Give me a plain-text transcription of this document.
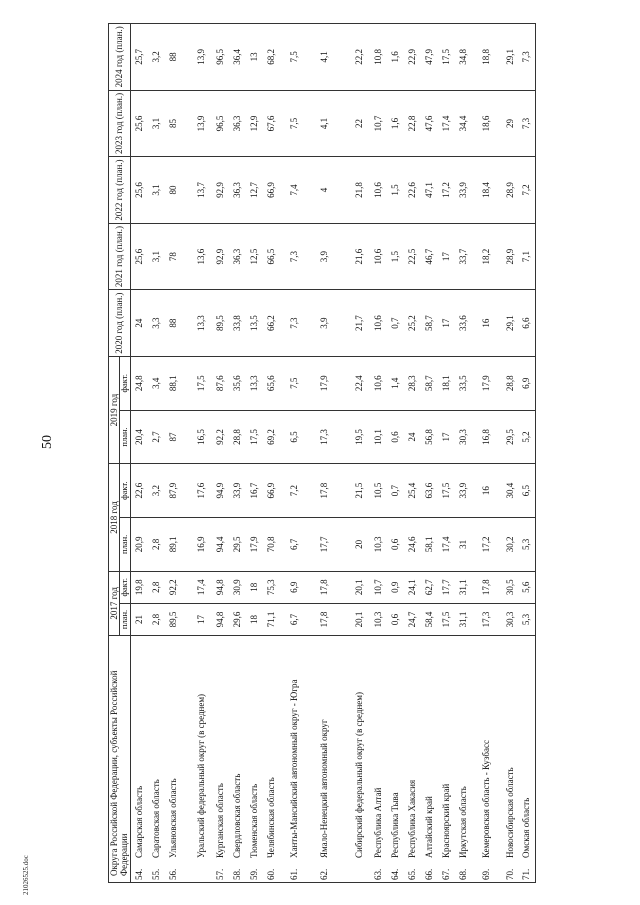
50
21026525.doc	Округа Российской Федерации, субъекты Российской Федерации	2017 год		2018 год		2019 год		2020 год (план.)	2021 год (план.)	2022 год (план.)	2023 год (план.)	2024 год (план.)
	план.	факт.	план.	факт.	план.	факт.					
54.Самарская область	21	19,8	20,9	22,6	20,4	24,8	24	25,6	25,6	25,6	25,7
55.Саратовская область	2,8	2,8	2,8	3,2	2,7	3,4	3,3	3,1	3,1	3,1	3,2
56.Ульяновская область	89,5	92,2	89,1	87,9	87	88,1	88	78	80	85	88
Уральский федеральный округ (в среднем)	17	17,4	16,9	17,6	16,5	17,5	13,3	13,6	13,7	13,9	13,9
57.Курганская область	94,8	94,8	94,4	94,9	92,2	87,6	89,5	92,9	92,9	96,5	96,5
58.Свердловская область	29,6	30,9	29,5	33,9	28,8	35,6	33,8	36,3	36,3	36,3	36,4
59.Тюменская область	18	18	17,9	16,7	17,5	13,3	13,5	12,5	12,7	12,9	13
60.Челябинская область	71,1	75,3	70,8	66,9	69,2	65,6	66,2	66,5	66,9	67,6	68,2
61.Ханты-Мансийский автономный округ - Югра	6,7	6,9	6,7	7,2	6,5	7,5	7,3	7,3	7,4	7,5	7,5
62.Ямало-Ненецкий автономный округ	17,8	17,8	17,7	17,8	17,3	17,9	3,9	3,9	4	4,1	4,1
Сибирский федеральный округ (в среднем)	20,1	20,1	20	21,5	19,5	22,4	21,7	21,6	21,8	22	22,2
63.Республика Алтай	10,3	10,7	10,3	10,5	10,1	10,6	10,6	10,6	10,6	10,7	10,8
64.Республика Тыва	0,6	0,9	0,6	0,7	0,6	1,4	0,7	1,5	1,5	1,6	1,6
65.Республика Хакасия	24,7	24,1	24,6	25,4	24	28,3	25,2	22,5	22,6	22,8	22,9
66.Алтайский край	58,4	62,7	58,1	63,6	56,8	58,7	58,7	46,7	47,1	47,6	47,9
67.Красноярский край	17,5	17,7	17,4	17,5	17	18,1	17	17	17,2	17,4	17,5
68.Иркутская область	31,1	31,1	31	33,9	30,3	33,5	33,6	33,7	33,9	34,4	34,8
69.Кемеровская область - Кузбасс	17,3	17,8	17,2	16	16,8	17,9	16	18,2	18,4	18,6	18,8
70.Новосибирская область	30,3	30,5	30,2	30,4	29,5	28,8	29,1	28,9	28,9	29	29,1
71.Омская область	5,3	5,6	5,3	6,5	5,2	6,9	6,6	7,1	7,2	7,3	7,3
